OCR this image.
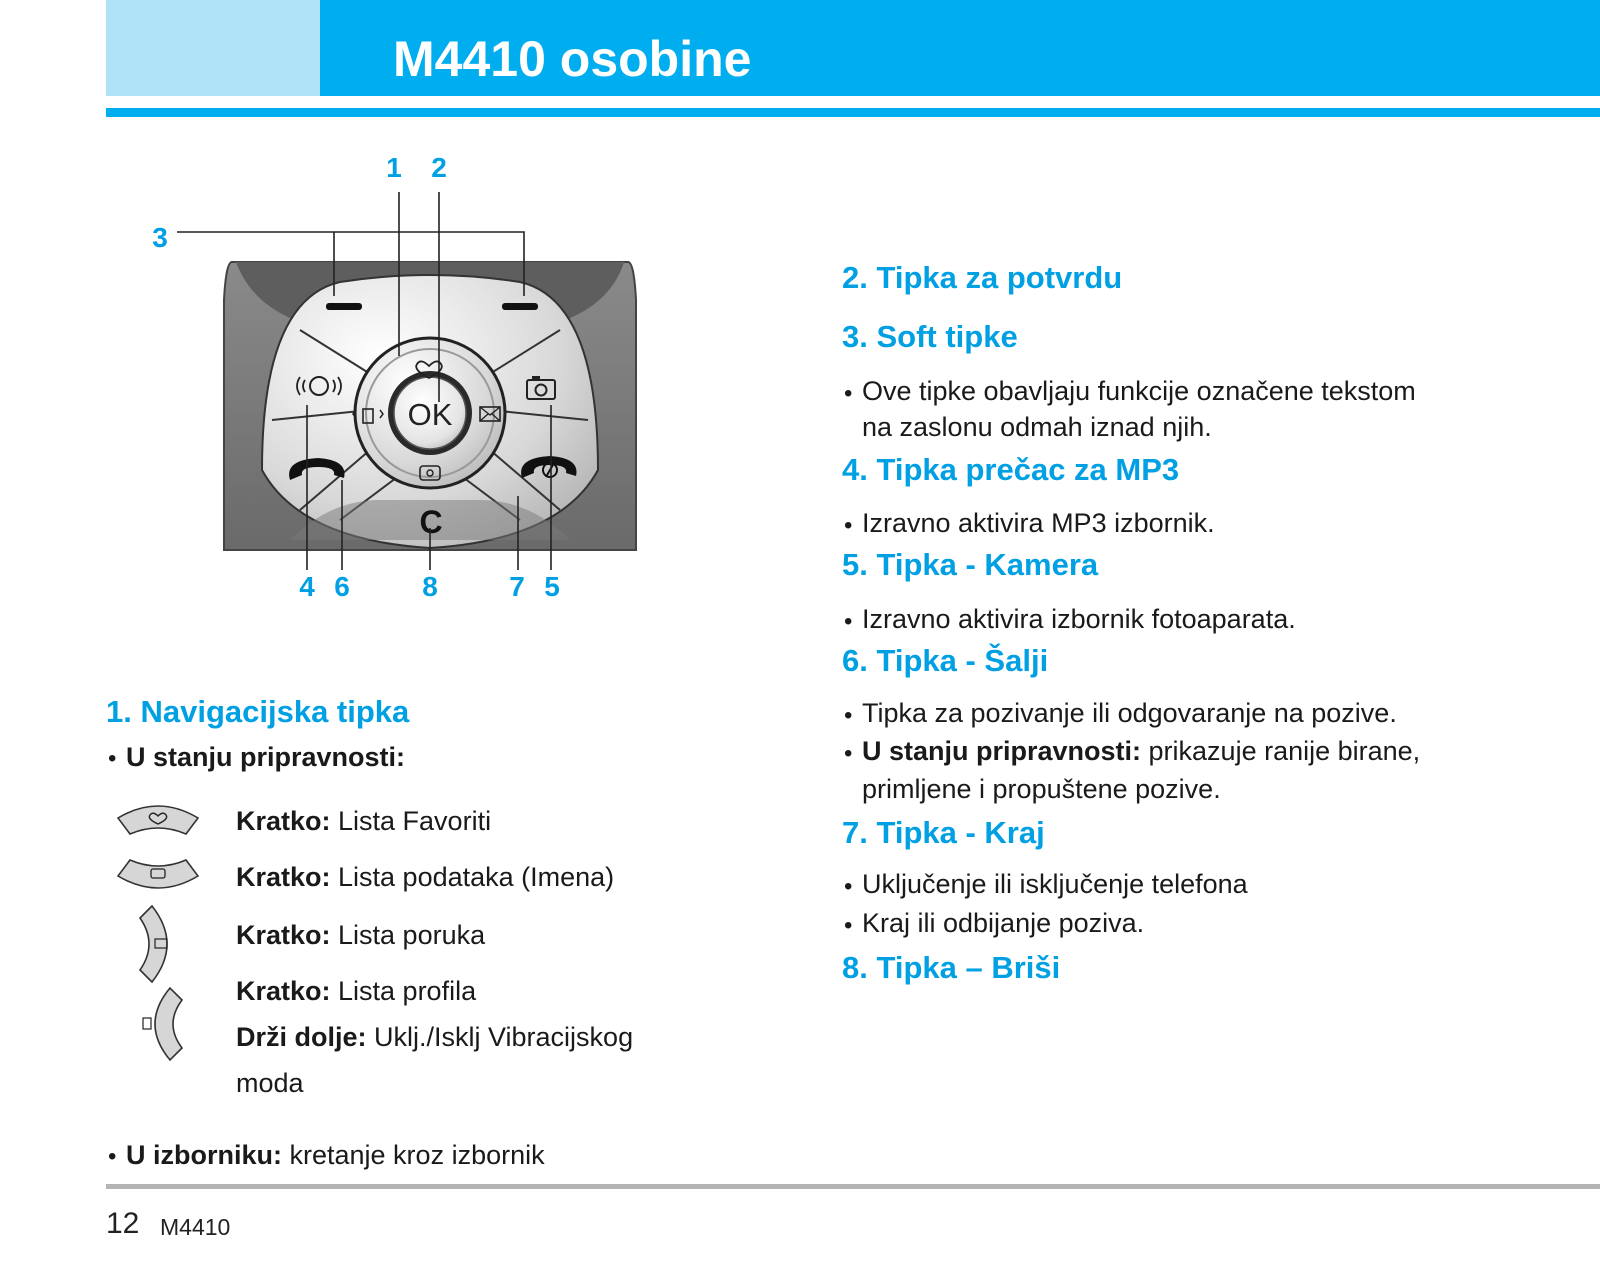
M4410 osobine
OK
C
1 2
3
4 6	8	7 5
1. Navigacijska tipka
• U stanju pripravnosti:
Kratko: Lista Favoriti
Kratko: Lista podataka (Imena)
Kratko: Lista poruka
Kratko: Lista profila
Drži dolje: Uklj./Isklj Vibracijskog
moda
• U izborniku: kretanje kroz izbornik
2. Tipka za potvrdu
3. Soft tipke
• Ove tipke obavljaju funkcije označene tekstom
na zaslonu odmah iznad njih.
4. Tipka prečac za MP3
• Izravno aktivira MP3 izbornik.
5. Tipka - Kamera
• Izravno aktivira izbornik fotoaparata.
6. Tipka - Šalji
• Tipka za pozivanje ili odgovaranje na pozive.
• U stanju pripravnosti: prikazuje ranije birane,
primljene i propuštene pozive.
7. Tipka - Kraj
• Uključenje ili isključenje telefona
• Kraj ili odbijanje poziva.
8. Tipka – Briši
12 M4410
